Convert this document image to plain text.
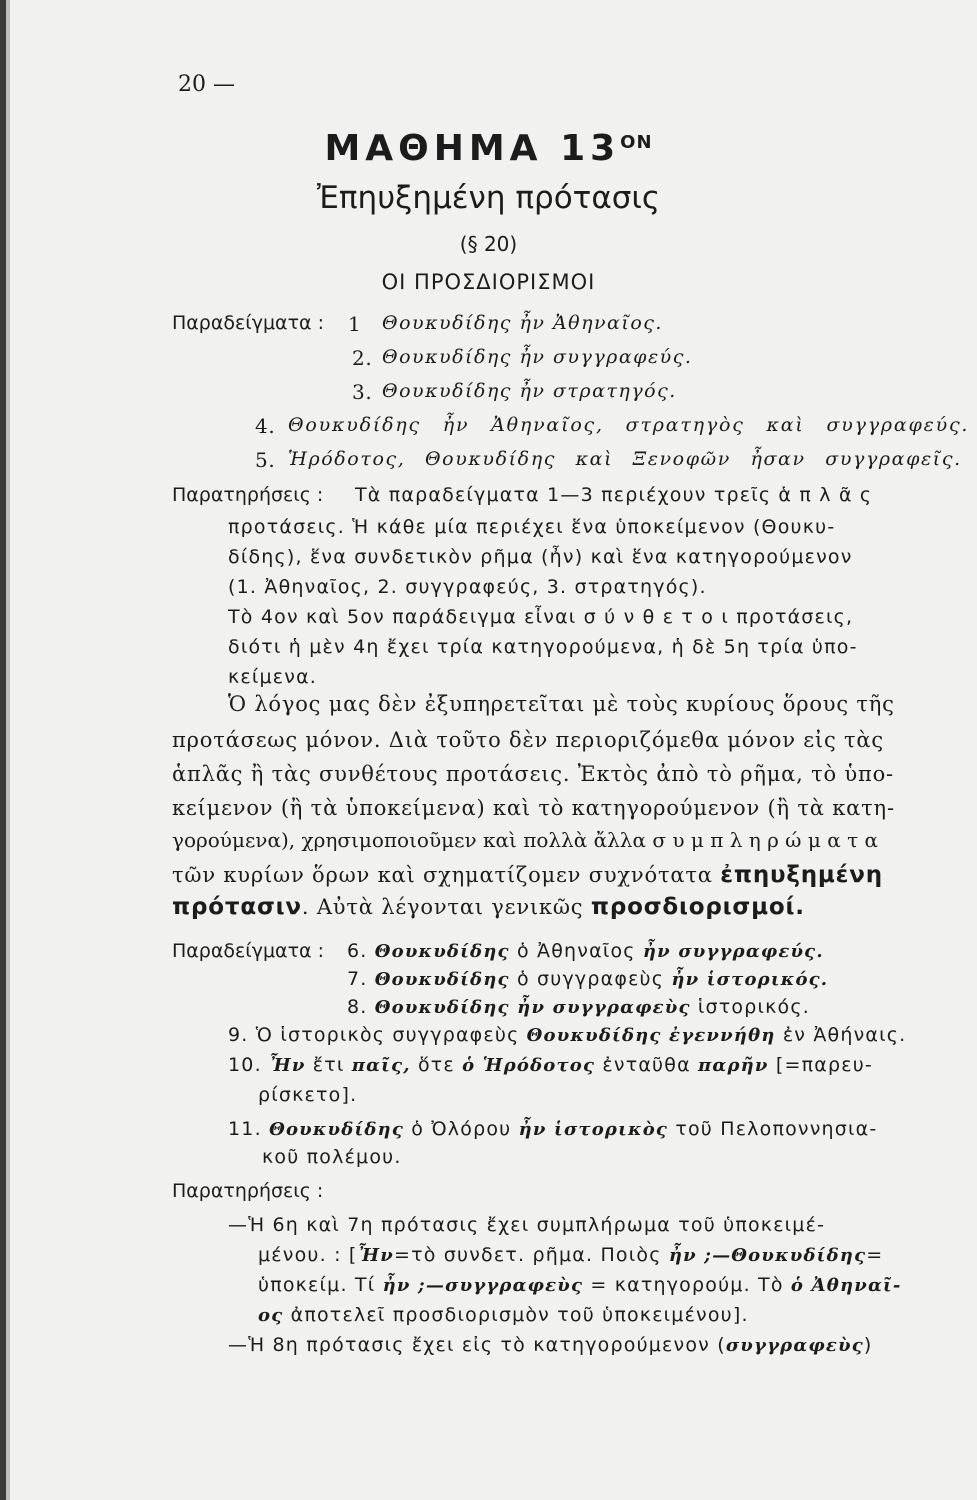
20 —
ΜΑΘΗΜΑ $13^{ON}$
Ἐπηυξημένη πρότασις
(§ 20)
ΟΙ ΠΡΟΣΔΙΟΡΙΣΜΟΙ
Παραδείγματα : 1 Θουκυδίδης ἦν Ἀθηναῖος.
2. Θουκυδίδης ἦν συγγραφεύς.
3. Θουκυδίδης ἦν στρατηγός.
4. Θουκυδίδης ἦν Ἀθηναῖος, στρατηγὸς καὶ συγγραφεύς.
5. Ἡρόδοτος, Θουκυδίδης καὶ Ξενοφῶν ἦσαν συγγραφεῖς.
Παρατηρήσεις : Τὰ παραδείγματα 1—3 περιέχουν τρεῖς ἁ π λ ᾶ ς
προτάσεις. Ἡ κάθε μία περιέχει ἕνα ὑποκείμενον (Θουκυ-
δίδης), ἕνα συνδετικὸν ρῆμα (ἦν) καὶ ἕνα κατηγορούμενον
(1. Ἀθηναῖος, 2. συγγραφεύς, 3. στρατηγός).
Τὸ 4ον καὶ 5ον παράδειγμα εἶναι σ ύ ν θ ε τ ο ι προτάσεις,
διότι ἡ μὲν 4η ἔχει τρία κατηγορούμενα, ἡ δὲ 5η τρία ὑπο-
κείμενα.
Ὁ λόγος μας δὲν ἐξυπηρετεῖται μὲ τοὺς κυρίους ὅρους τῆς
προτάσεως μόνον. Διὰ τοῦτο δὲν περιοριζόμεθα μόνον εἰς τὰς
ἁπλᾶς ἢ τὰς συνθέτους προτάσεις. Ἐκτὸς ἀπὸ τὸ ρῆμα, τὸ ὑπο-
κείμενον (ἢ τὰ ὑποκείμενα) καὶ τὸ κατηγορούμενον (ἢ τὰ κατη-
γορούμενα), χρησιμοποιοῦμεν καὶ πολλὰ ἄλλα σ υ μ π λ η ρ ώ μ α τ α
τῶν κυρίων ὅρων καὶ σχηματίζομεν συχνότατα ἐπηυξημένη
πρότασιν. Αὐτὰ λέγονται γενικῶς προσδιορισμοί.
Παραδείγματα : 6. Θουκυδίδης ὁ Ἀθηναῖος ἦν συγγραφεύς.
7. Θουκυδίδης ὁ συγγραφεὺς ἦν ἱστορικός.
8. Θουκυδίδης ἦν συγγραφεὺς ἱστορικός.
9. Ὁ ἱστορικὸς συγγραφεὺς Θουκυδίδης ἐγεννήθη ἐν Ἀθήναις.
10. Ἦν ἔτι παῖς, ὅτε ὁ Ἡρόδοτος ἐνταῦθα παρῆν [=παρευ-
ρίσκετο].
11. Θουκυδίδης ὁ Ὀλόρου ἦν ἱστορικὸς τοῦ Πελοποννησια-
κοῦ πολέμου.
Παρατηρήσεις :
—Ἡ 6η καὶ 7η πρότασις ἔχει συμπλήρωμα τοῦ ὑποκειμέ-
μένου. : [Ἦν=τὸ συνδετ. ρῆμα. Ποιὸς ἦν ;—Θουκυδίδης=
ὑποκείμ. Τί ἦν ;—συγγραφεὺς = κατηγορούμ. Τὸ ὁ Ἀθηναῖ-
ος ἀποτελεῖ προσδιορισμὸν τοῦ ὑποκειμένου].
—Ἡ 8η πρότασις ἔχει εἰς τὸ κατηγορούμενον (συγγραφεὺς)
